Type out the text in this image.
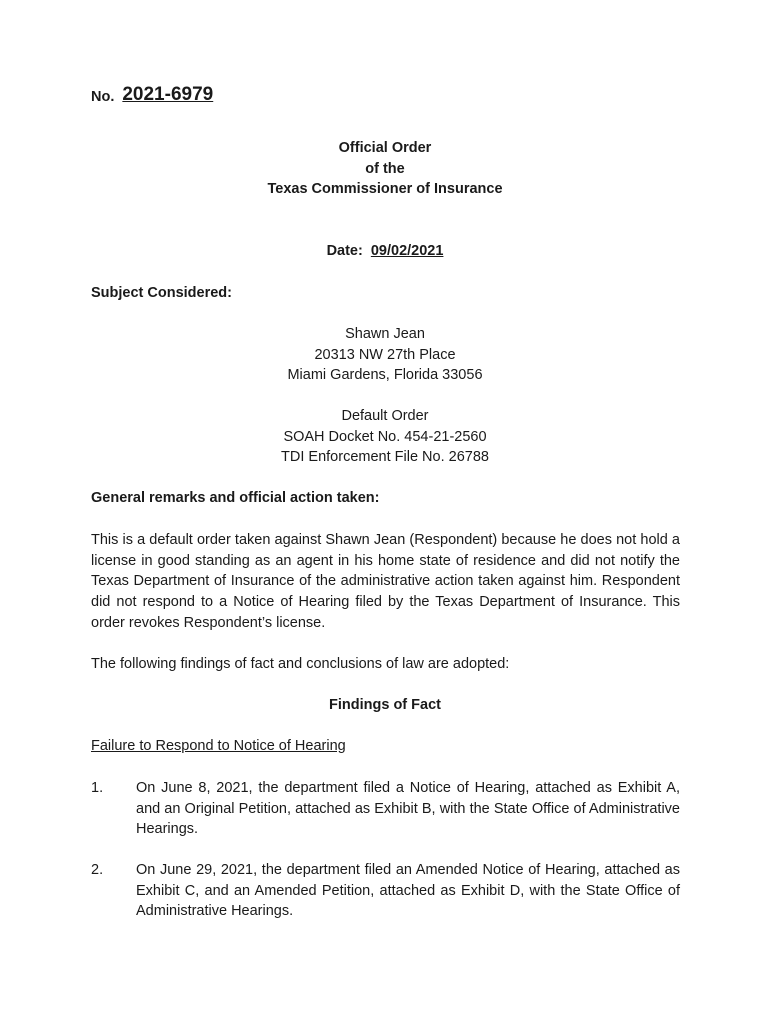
No. 2021-6979
Official Order
of the
Texas Commissioner of Insurance
Date: 09/02/2021
Subject Considered:
Shawn Jean
20313 NW 27th Place
Miami Gardens, Florida 33056
Default Order
SOAH Docket No. 454-21-2560
TDI Enforcement File No. 26788
General remarks and official action taken:
This is a default order taken against Shawn Jean (Respondent) because he does not hold a license in good standing as an agent in his home state of residence and did not notify the Texas Department of Insurance of the administrative action taken against him. Respondent did not respond to a Notice of Hearing filed by the Texas Department of Insurance. This order revokes Respondent’s license.
The following findings of fact and conclusions of law are adopted:
Findings of Fact
Failure to Respond to Notice of Hearing
1.	On June 8, 2021, the department filed a Notice of Hearing, attached as Exhibit A, and an Original Petition, attached as Exhibit B, with the State Office of Administrative Hearings.
2.	On June 29, 2021, the department filed an Amended Notice of Hearing, attached as Exhibit C, and an Amended Petition, attached as Exhibit D, with the State Office of Administrative Hearings.
